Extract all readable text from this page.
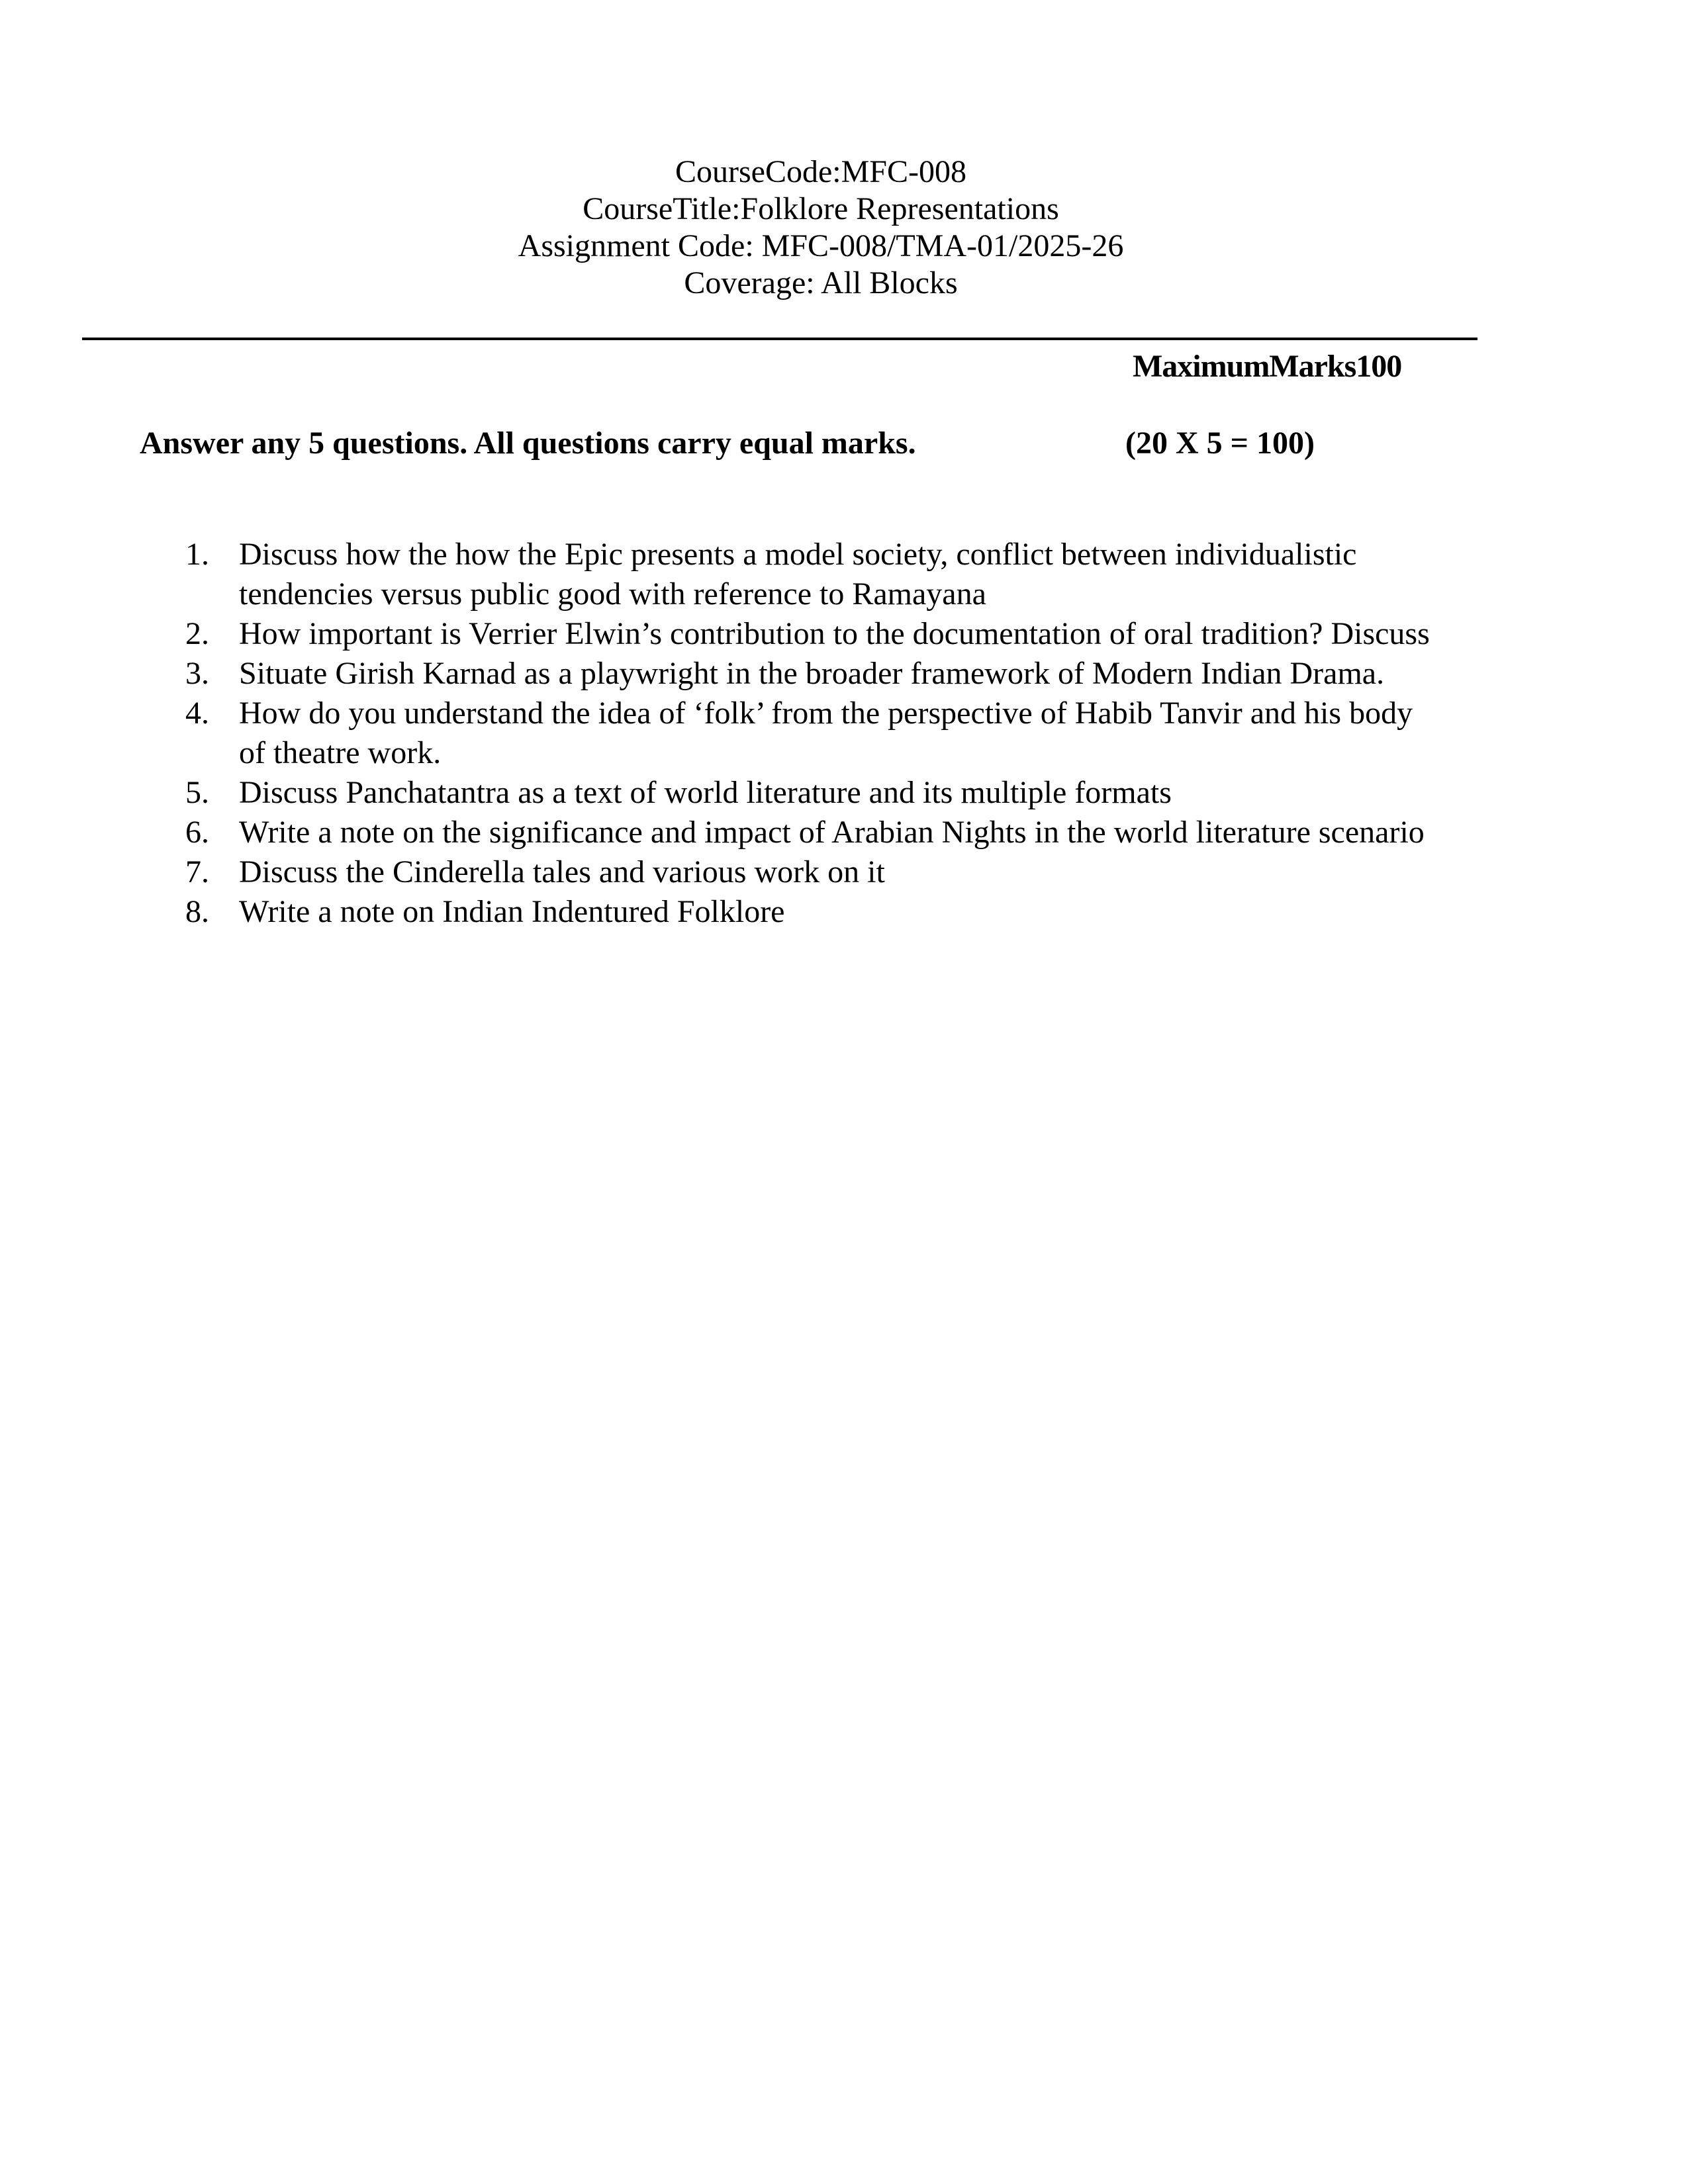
CourseCode:MFC-008
CourseTitle:Folklore Representations
Assignment Code: MFC-008/TMA-01/2025-26
Coverage: All Blocks
MaximumMarks100
Answer any 5 questions. All questions carry equal marks.	(20 X 5 = 100)
1. Discuss how the how the Epic presents a model society, conflict between individualistic
tendencies versus public good with reference to Ramayana
2. How important is Verrier Elwin’s contribution to the documentation of oral tradition? Discuss
3. Situate Girish Karnad as a playwright in the broader framework of Modern Indian Drama.
4. How do you understand the idea of ‘folk’ from the perspective of Habib Tanvir and his body
of theatre work.
5. Discuss Panchatantra as a text of world literature and its multiple formats
6. Write a note on the significance and impact of Arabian Nights in the world literature scenario
7. Discuss the Cinderella tales and various work on it
8. Write a note on Indian Indentured Folklore
